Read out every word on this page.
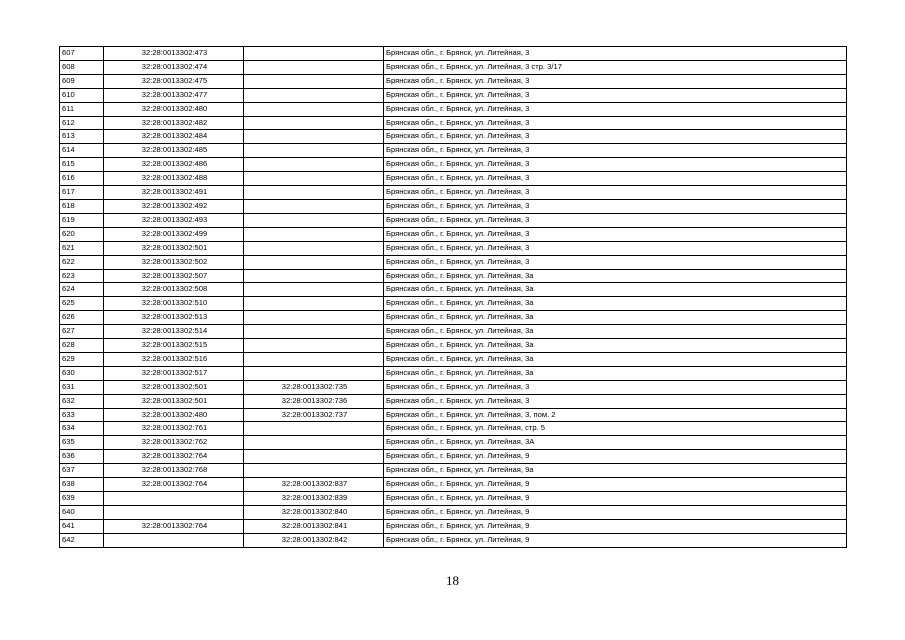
607	32:28:0013302:473		Брянская обл., г. Брянск, ул. Литейная, 3
608	32:28:0013302:474		Брянская обл., г. Брянск, ул. Литейная, 3 стр. 3/17
609	32:28:0013302:475		Брянская обл., г. Брянск, ул. Литейная, 3
610	32:28:0013302:477		Брянская обл., г. Брянск, ул. Литейная, 3
611	32:28:0013302:480		Брянская обл., г. Брянск, ул. Литейная, 3
612	32:28:0013302:482		Брянская обл., г. Брянск, ул. Литейная, 3
613	32:28:0013302:484		Брянская обл., г. Брянск, ул. Литейная, 3
614	32:28:0013302:485		Брянская обл., г. Брянск, ул. Литейная, 3
615	32:28:0013302:486		Брянская обл., г. Брянск, ул. Литейная, 3
616	32:28:0013302:488		Брянская обл., г. Брянск, ул. Литейная, 3
617	32:28:0013302:491		Брянская обл., г. Брянск, ул. Литейная, 3
618	32:28:0013302:492		Брянская обл., г. Брянск, ул. Литейная, 3
619	32:28:0013302:493		Брянская обл., г. Брянск, ул. Литейная, 3
620	32:28:0013302:499		Брянская обл., г. Брянск, ул. Литейная, 3
621	32:28:0013302:501		Брянская обл., г. Брянск, ул. Литейная, 3
622	32:28:0013302:502		Брянская обл., г. Брянск, ул. Литейная, 3
623	32:28:0013302:507		Брянская обл., г. Брянск, ул. Литейная, 3а
624	32:28:0013302:508		Брянская обл., г. Брянск, ул. Литейная, 3а
625	32:28:0013302:510		Брянская обл., г. Брянск, ул. Литейная, 3а
626	32:28:0013302:513		Брянская обл., г. Брянск, ул. Литейная, 3а
627	32:28:0013302:514		Брянская обл., г. Брянск, ул. Литейная, 3а
628	32:28:0013302:515		Брянская обл., г. Брянск, ул. Литейная, 3а
629	32:28:0013302:516		Брянская обл., г. Брянск, ул. Литейная, 3а
630	32:28:0013302:517		Брянская обл., г. Брянск, ул. Литейная, 3а
631	32:28:0013302:501	32:28:0013302:735	Брянская обл., г. Брянск, ул. Литейная, 3
632	32:28:0013302:501	32:28:0013302:736	Брянская обл., г. Брянск, ул. Литейная, 3
633	32:28:0013302:480	32:28:0013302:737	Брянская обл., г. Брянск, ул. Литейная, 3, пом. 2
634	32:28:0013302:761		Брянская обл., г. Брянск, ул. Литейная, стр. 5
635	32:28:0013302:762		Брянская обл., г. Брянск, ул. Литейная, 3А
636	32:28:0013302:764		Брянская обл., г. Брянск, ул. Литейная, 9
637	32:28:0013302:768		Брянская обл., г. Брянск, ул. Литейная, 9а
638	32:28:0013302:764	32:28:0013302:837	Брянская обл., г. Брянск, ул. Литейная, 9
639		32:28:0013302:839	Брянская обл., г. Брянск, ул. Литейная, 9
640		32:28:0013302:840	Брянская обл., г. Брянск, ул. Литейная, 9
641	32:28:0013302:764	32:28:0013302:841	Брянская обл., г. Брянск, ул. Литейная, 9
642		32:28:0013302:842	Брянская обл., г. Брянск, ул. Литейная, 9
18
